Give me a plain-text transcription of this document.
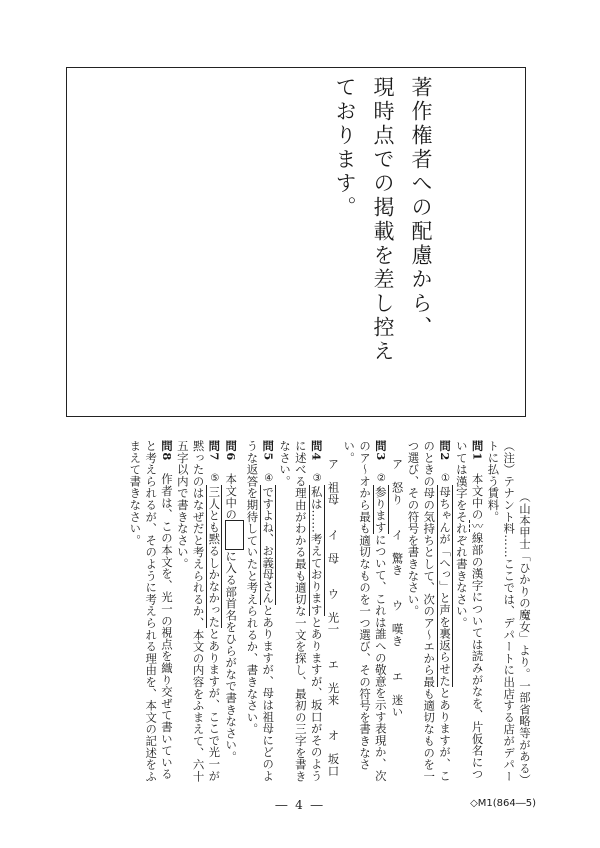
著作権者への配慮から、

現時点での掲載を差し控えております。

（山本甲士「ひかりの魔女」より。一部省略等がある）

（注）テナント料……ここでは、デパートに出店する店がデパートに払う賃料。

問1　本文中の〰線部の漢字については読みがなを、片仮名については漢字をそれぞれ書きなさい。

問2　①母ちゃんが「へっ」と声を裏返らせたとありますが、このときの母の気持ちとして、次のア～エから最も適切なものを一つ選び、その符号を書きなさい。

ア　怒り　　イ　驚き　　ウ　嘆き　　エ　迷い

問3　②参りますについて、これは誰への敬意を示す表現か、次のア～オから最も適切なものを一つ選び、その符号を書きなさい。

ア　祖母　　イ　母　　ウ　光一　　エ　光来　　オ　坂口

問4　③私は……考えておりますとありますが、坂口がそのように述べる理由がわかる最も適切な一文を探し、最初の三字を書きなさい。

問5　④ですよね、お義母さんとありますが、母は祖母にどのような返答を期待していたと考えられるか、書きなさい。

問6　本文中のに入る部首名をひらがなで書きなさい。

問7　⑤三人とも黙るしかなかったとありますが、ここで光一が黙ったのはなぜだと考えられるか、本文の内容をふまえて、六十五字以内で書きなさい。

問8　作者は、この本文を、光一の視点を織り交ぜて書いていると考えられるが、そのように考えられる理由を、本文の記述をふまえて書きなさい。

― 4 ―	◇M1(864―5)
